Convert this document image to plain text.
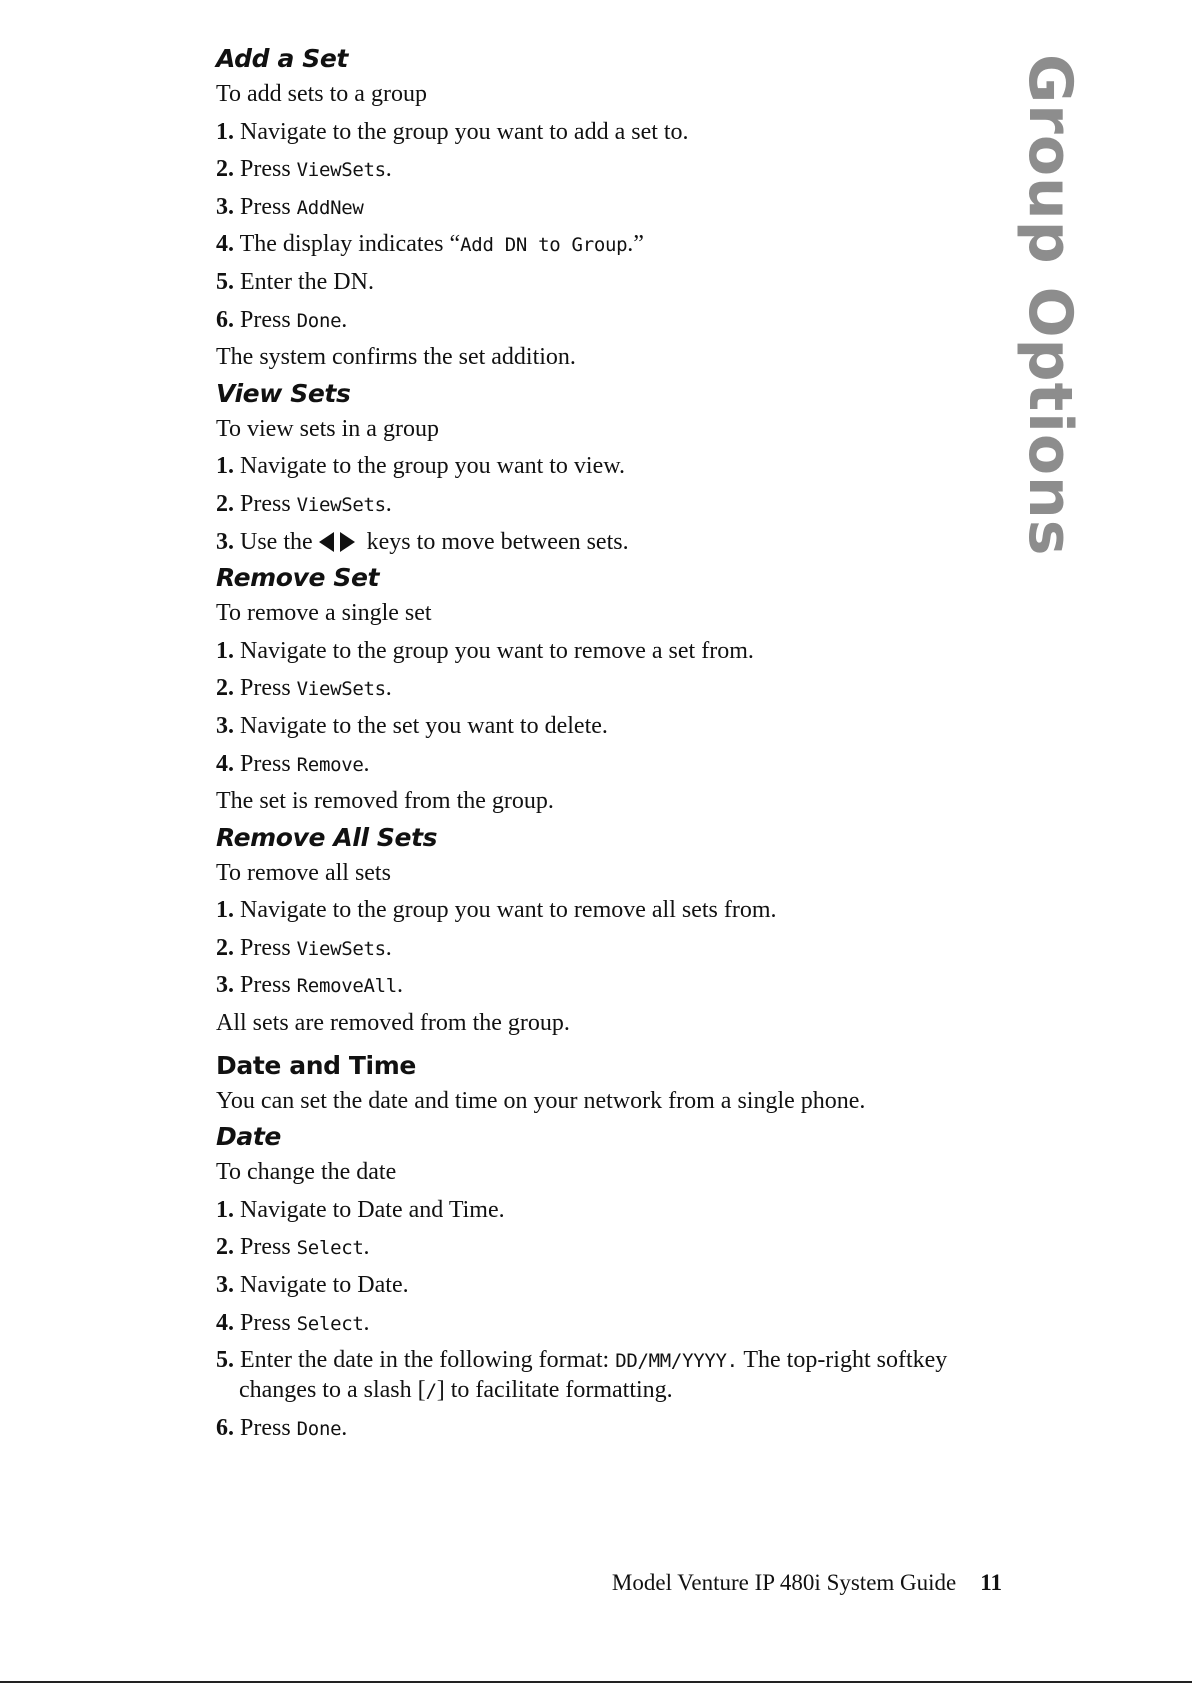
Group Options
Add a Set
To add sets to a group
1. Navigate to the group you want to add a set to.
2. Press ViewSets.
3. Press AddNew
4. The display indicates “Add DN to Group.”
5. Enter the DN.
6. Press Done.
The system confirms the set addition.
View Sets
To view sets in a group
1. Navigate to the group you want to view.
2. Press ViewSets.
3. Use the keys to move between sets.
Remove Set
To remove a single set
1. Navigate to the group you want to remove a set from.
2. Press ViewSets.
3. Navigate to the set you want to delete.
4. Press Remove.
The set is removed from the group.
Remove All Sets
To remove all sets
1. Navigate to the group you want to remove all sets from.
2. Press ViewSets.
3. Press RemoveAll.
All sets are removed from the group.
Date and Time
You can set the date and time on your network from a single phone.
Date
To change the date
1. Navigate to Date and Time.
2. Press Select.
3. Navigate to Date.
4. Press Select.
5. Enter the date in the following format: DD/MM/YYYY. The top-right softkey changes to a slash [/] to facilitate formatting.
6. Press Done.
Model Venture IP 480i System Guide 11
